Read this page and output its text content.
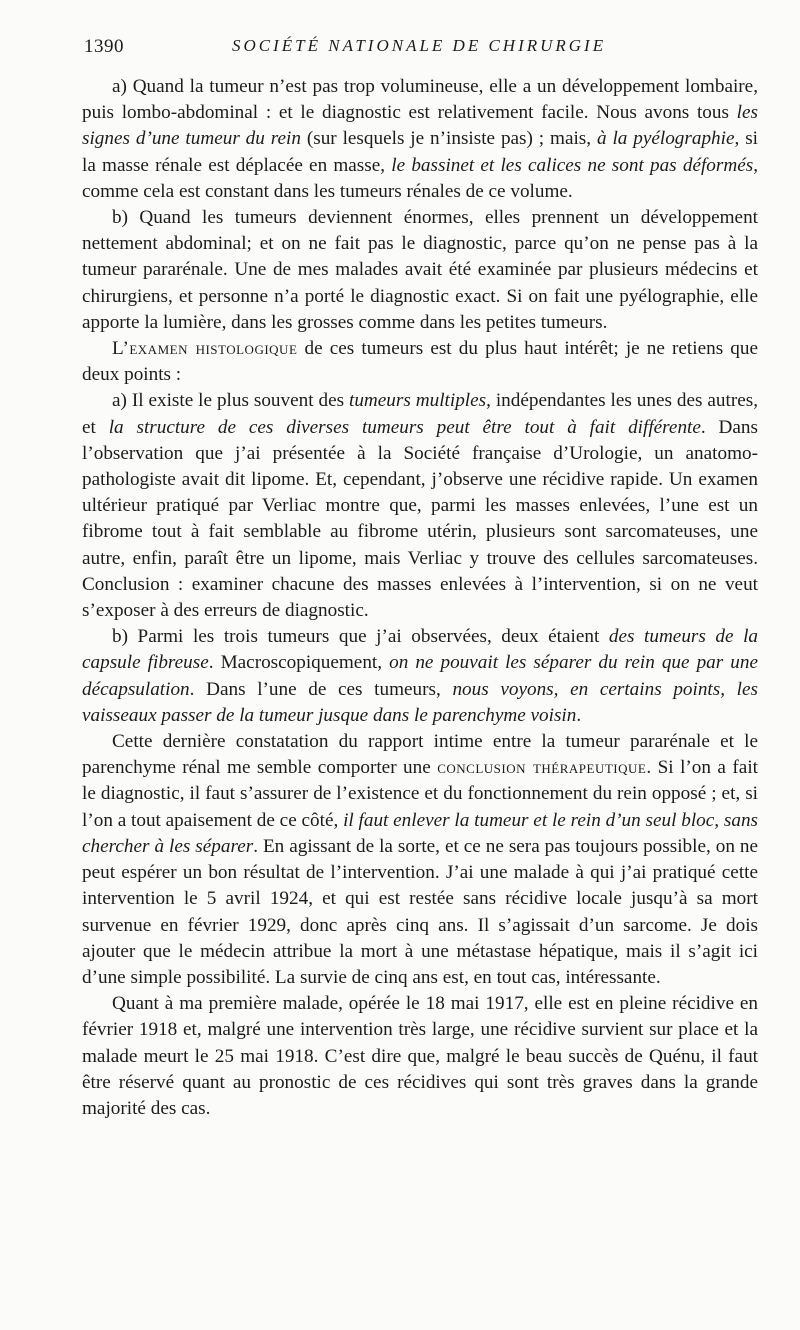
1390	SOCIÉTÉ NATIONALE DE CHIRURGIE

a) Quand la tumeur n’est pas trop volumineuse, elle a un développement lombaire, puis lombo-abdominal : et le diagnostic est relativement facile. Nous avons tous les signes d’une tumeur du rein (sur lesquels je n’insiste pas) ; mais, à la pyélographie, si la masse rénale est déplacée en masse, le bassinet et les calices ne sont pas déformés, comme cela est constant dans les tumeurs rénales de ce volume.

b) Quand les tumeurs deviennent énormes, elles prennent un développement nettement abdominal; et on ne fait pas le diagnostic, parce qu’on ne pense pas à la tumeur pararénale. Une de mes malades avait été examinée par plusieurs médecins et chirurgiens, et personne n’a porté le diagnostic exact. Si on fait une pyélographie, elle apporte la lumière, dans les grosses comme dans les petites tumeurs.

L’examen histologique de ces tumeurs est du plus haut intérêt; je ne retiens que deux points :

a) Il existe le plus souvent des tumeurs multiples, indépendantes les unes des autres, et la structure de ces diverses tumeurs peut être tout à fait différente. Dans l’observation que j’ai présentée à la Société française d’Urologie, un anatomo-pathologiste avait dit lipome. Et, cependant, j’observe une récidive rapide. Un examen ultérieur pratiqué par Verliac montre que, parmi les masses enlevées, l’une est un fibrome tout à fait semblable au fibrome utérin, plusieurs sont sarcomateuses, une autre, enfin, paraît être un lipome, mais Verliac y trouve des cellules sarcomateuses. Conclusion : examiner chacune des masses enlevées à l’intervention, si on ne veut s’exposer à des erreurs de diagnostic.

b) Parmi les trois tumeurs que j’ai observées, deux étaient des tumeurs de la capsule fibreuse. Macroscopiquement, on ne pouvait les séparer du rein que par une décapsulation. Dans l’une de ces tumeurs, nous voyons, en certains points, les vaisseaux passer de la tumeur jusque dans le parenchyme voisin.

Cette dernière constatation du rapport intime entre la tumeur pararénale et le parenchyme rénal me semble comporter une conclusion thérapeutique. Si l’on a fait le diagnostic, il faut s’assurer de l’existence et du fonctionnement du rein opposé ; et, si l’on a tout apaisement de ce côté, il faut enlever la tumeur et le rein d’un seul bloc, sans chercher à les séparer. En agissant de la sorte, et ce ne sera pas toujours possible, on ne peut espérer un bon résultat de l’intervention. J’ai une malade à qui j’ai pratiqué cette intervention le 5 avril 1924, et qui est restée sans récidive locale jusqu’à sa mort survenue en février 1929, donc après cinq ans. Il s’agissait d’un sarcome. Je dois ajouter que le médecin attribue la mort à une métastase hépatique, mais il s’agit ici d’une simple possibilité. La survie de cinq ans est, en tout cas, intéressante.

Quant à ma première malade, opérée le 18 mai 1917, elle est en pleine récidive en février 1918 et, malgré une intervention très large, une récidive survient sur place et la malade meurt le 25 mai 1918. C’est dire que, malgré le beau succès de Quénu, il faut être réservé quant au pronostic de ces récidives qui sont très graves dans la grande majorité des cas.
